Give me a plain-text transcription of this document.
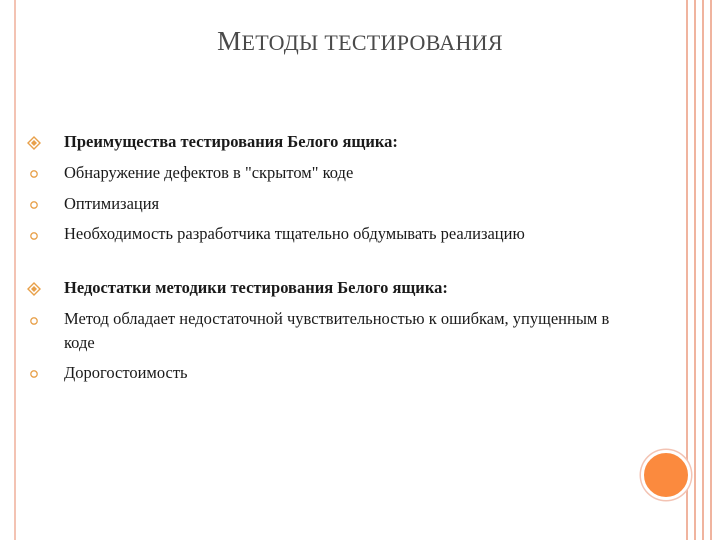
МЕТОДЫ ТЕСТИРОВАНИЯ
Преимущества тестирования Белого ящика:
Обнаружение дефектов в "скрытом" коде
Оптимизация
Необходимость разработчика тщательно обдумывать реализацию
Недостатки методики тестирования Белого ящика:
Метод обладает недостаточной чувствительностью к ошибкам, упущенным в коде
Дорогостоимость
